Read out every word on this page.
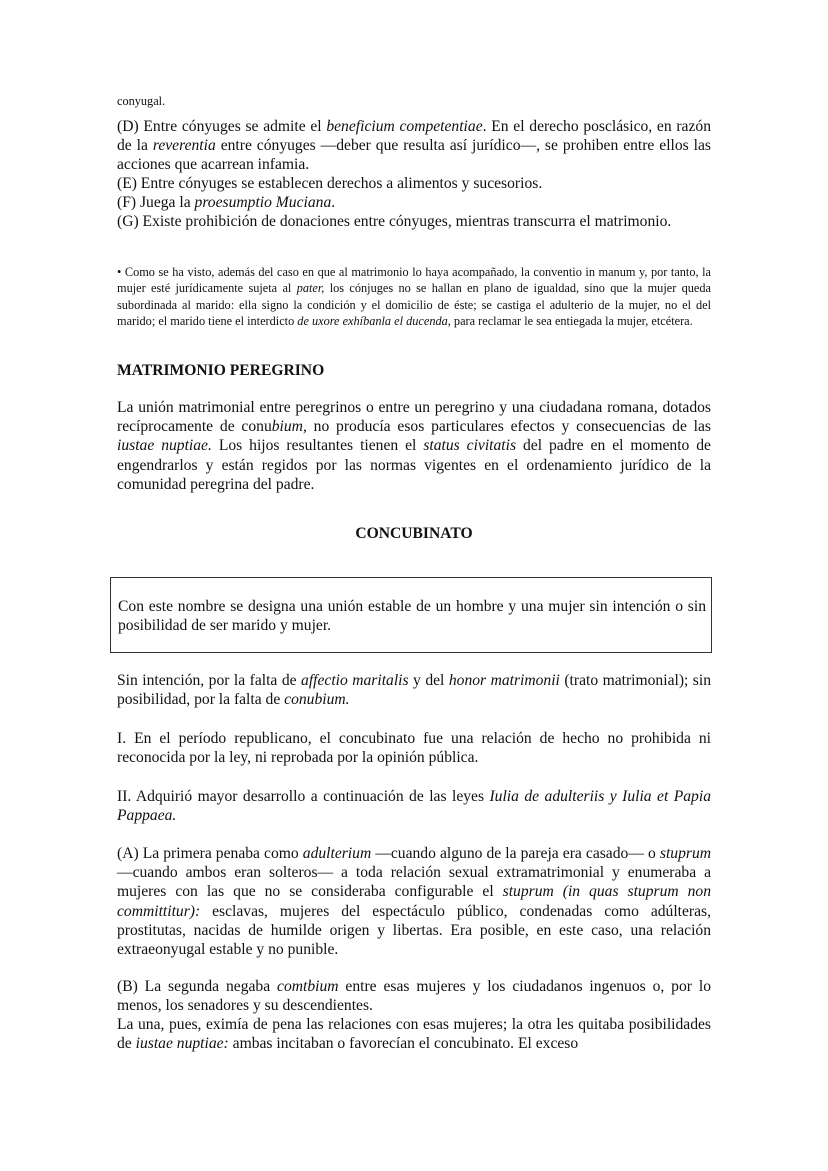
conyugal.

(D) Entre cónyuges se admite el beneficium competentiae. En el derecho posclásico, en razón de la reverentia entre cónyuges —deber que resulta así jurídico—, se prohiben entre ellos las acciones que acarrean infamia.

(E) Entre cónyuges se establecen derechos a alimentos y sucesorios.

(F) Juega la proesumptio Muciana.

(G) Existe prohibición de donaciones entre cónyuges, mientras transcurra el matrimonio.

• Como se ha visto, además del caso en que al matrimonio lo haya acompañado, la conventio in manum y, por tanto, la mujer esté jurídicamente sujeta al pater, los cónjuges no se hallan en plano de igualdad, sino que la mujer queda subordinada al marido: ella signo la condición y el domicilio de éste; se castiga el adulterio de la mujer, no el del marido; el marido tiene el interdicto de uxore exhíbanla el ducenda, para reclamar le sea entiegada la mujer, etcétera.

MATRIMONIO PEREGRINO

La unión matrimonial entre peregrinos o entre un peregrino y una ciudadana romana, dotados recíprocamente de conubium, no producía esos particulares efectos y consecuencias de las iustae nuptiae. Los hijos resultantes tienen el status civitatis del padre en el momento de engendrarlos y están regidos por las normas vigentes en el ordenamiento jurídico de la comunidad peregrina del padre.

CONCUBINATO

Con este nombre se designa una unión estable de un hombre y una mujer sin intención o sin posibilidad de ser marido y mujer.

Sin intención, por la falta de affectio maritalis y del honor matrimonii (trato matrimonial); sin posibilidad, por la falta de conubium.

I. En el período republicano, el concubinato fue una relación de hecho no prohibida ni reconocida por la ley, ni reprobada por la opinión pública.

II. Adquirió mayor desarrollo a continuación de las leyes Iulia de adulteriis y Iulia et Papia Pappaea.

(A) La primera penaba como adulterium —cuando alguno de la pareja era casado— o stuprum —cuando ambos eran solteros— a toda relación sexual extramatrimonial y enumeraba a mujeres con las que no se consideraba configurable el stuprum (in quas stuprum non committitur): esclavas, mujeres del espectáculo público, condenadas como adúlteras, prostitutas, nacidas de humilde origen y libertas. Era posible, en este caso, una relación extraeonyugal estable y no punible.

(B) La segunda negaba comtbium entre esas mujeres y los ciudadanos ingenuos o, por lo menos, los senadores y su descendientes.

La una, pues, eximía de pena las relaciones con esas mujeres; la otra les quitaba posibilidades de iustae nuptiae: ambas incitaban o favorecían el concubinato. El exceso
